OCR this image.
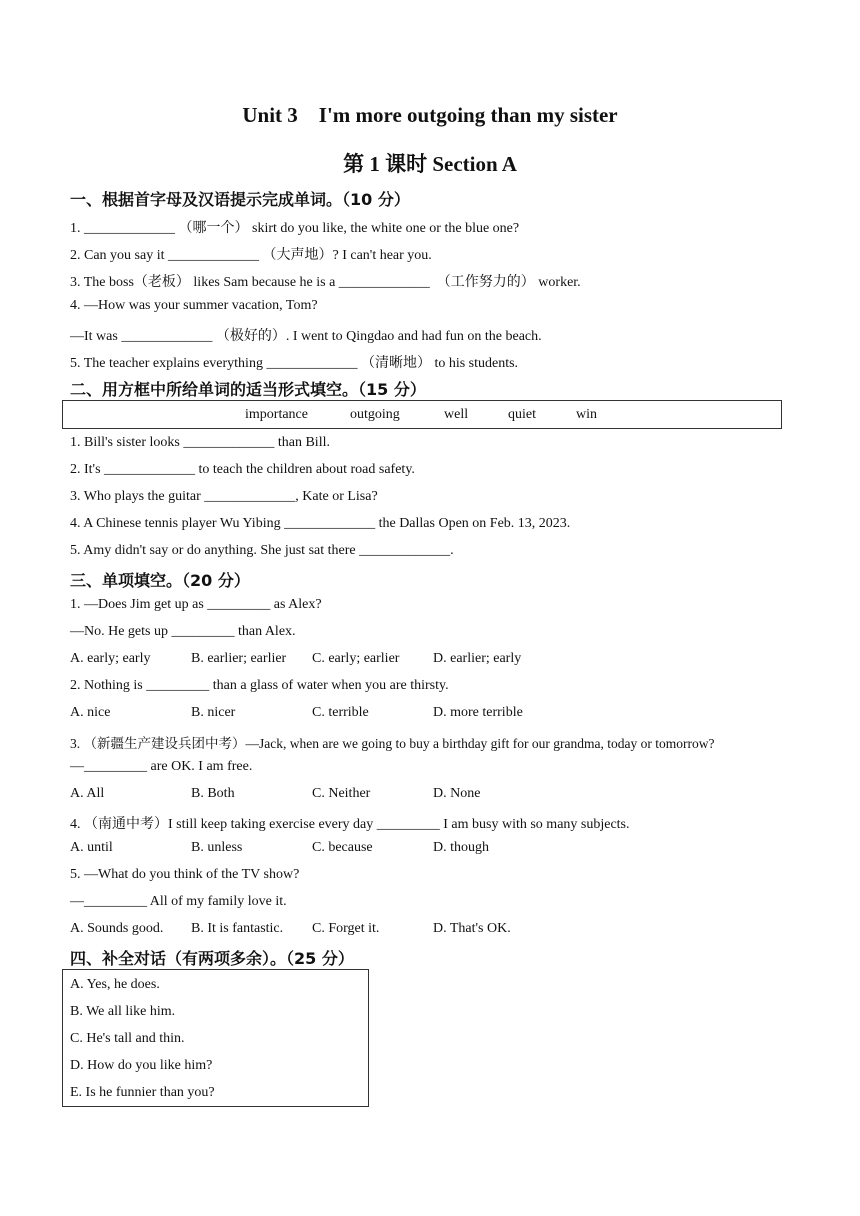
Unit 3    I'm more outgoing than my sister
第 1 课时 Section A
一、根据首字母及汉语提示完成单词。（10 分）
1. _____________ （哪一个） skirt do you like, the white one or the blue one?
2. Can you say it _____________ （大声地）? I can't hear you.
3. The boss（老板） likes Sam because he is a _____________  （工作努力的） worker.
4. —How was your summer vacation, Tom?
—It was _____________ （极好的）. I went to Qingdao and had fun on the beach.
5. The teacher explains everything _____________ （清晰地） to his students.
二、用方框中所给单词的适当形式填空。（15 分）
importance	outgoing	well	quiet	win
1. Bill's sister looks _____________ than Bill.
2. It's _____________ to teach the children about road safety.
3. Who plays the guitar _____________, Kate or Lisa?
4. A Chinese tennis player Wu Yibing _____________ the Dallas Open on Feb. 13, 2023.
5. Amy didn't say or do anything. She just sat there _____________.
三、单项填空。（20 分）
1. —Does Jim get up as _________ as Alex?
—No. He gets up _________ than Alex.
A. early; early	B. earlier; earlier C. early; earlier D. earlier; early
2. Nothing is _________ than a glass of water when you are thirsty.
A. nice	B. nicer	C. terrible	D. more terrible
3. （新疆生产建设兵团中考）—Jack, when are we going to buy a birthday gift for our grandma, today or tomorrow?
—_________ are OK. I am free.
A. All	B. Both	C. Neither	D. None
4. （南通中考）I still keep taking exercise every day _________ I am busy with so many subjects.
A. until	B. unless	C. because	D. though
5. —What do you think of the TV show?
—_________ All of my family love it.
A. Sounds good. B. It is fantastic. C. Forget it.	D. That's OK.
四、补全对话（有两项多余）。（25 分）
A. Yes, he does.
B. We all like him.
C. He's tall and thin.
D. How do you like him?
E. Is he funnier than you?
